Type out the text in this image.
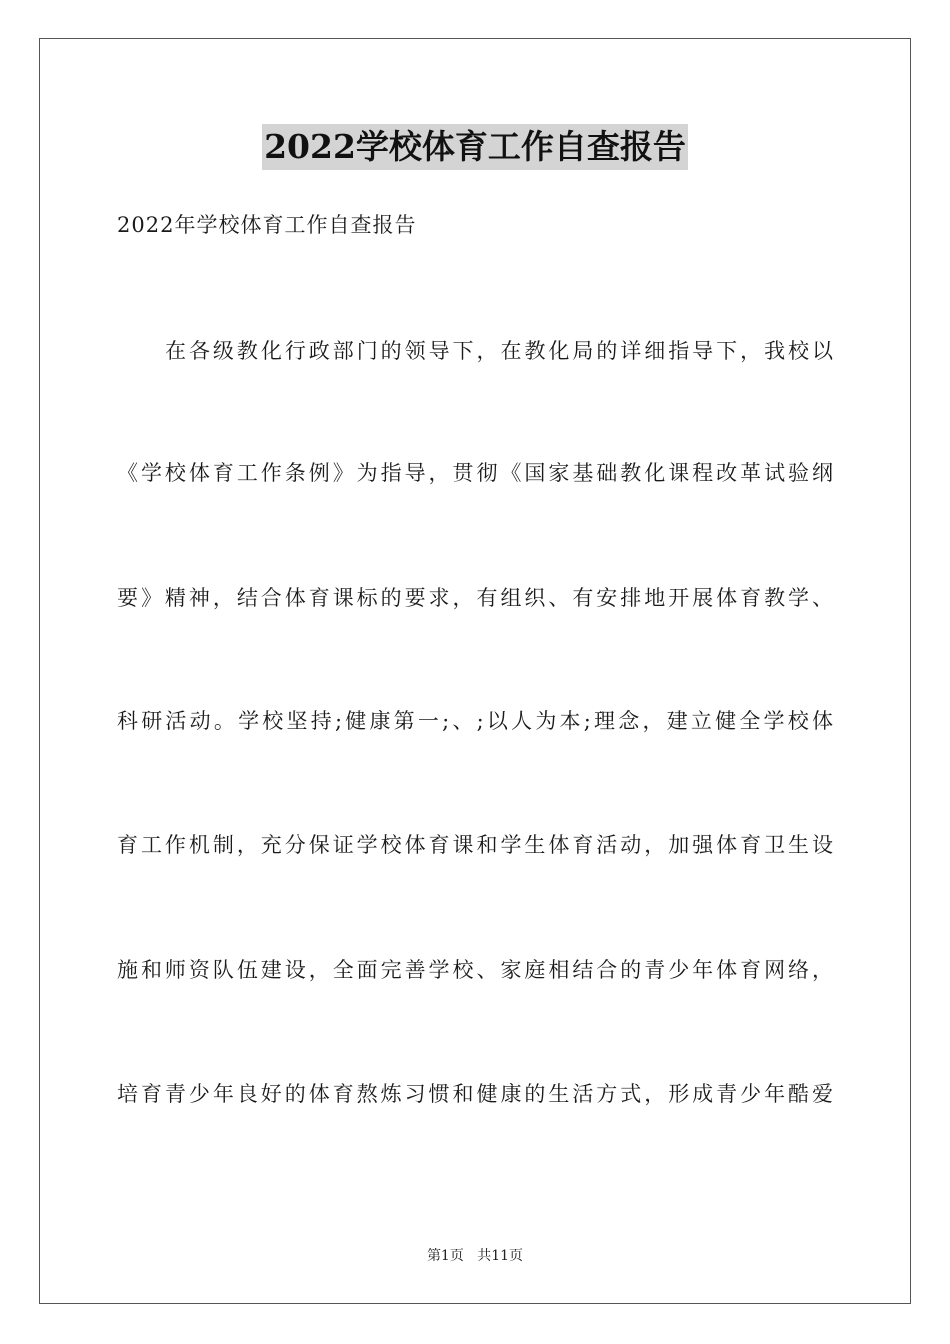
2022学校体育工作自查报告
2022年学校体育工作自查报告
在各级教化行政部门的领导下，在教化局的详细指导下，我校以
《学校体育工作条例》为指导，贯彻《国家基础教化课程改革试验纲
要》精神，结合体育课标的要求，有组织、有安排地开展体育教学、
科研活动。学校坚持;健康第一;、;以人为本;理念，建立健全学校体
育工作机制，充分保证学校体育课和学生体育活动，加强体育卫生设
施和师资队伍建设，全面完善学校、家庭相结合的青少年体育网络，
培育青少年良好的体育熬炼习惯和健康的生活方式，形成青少年酷爱
第1页 共11页
